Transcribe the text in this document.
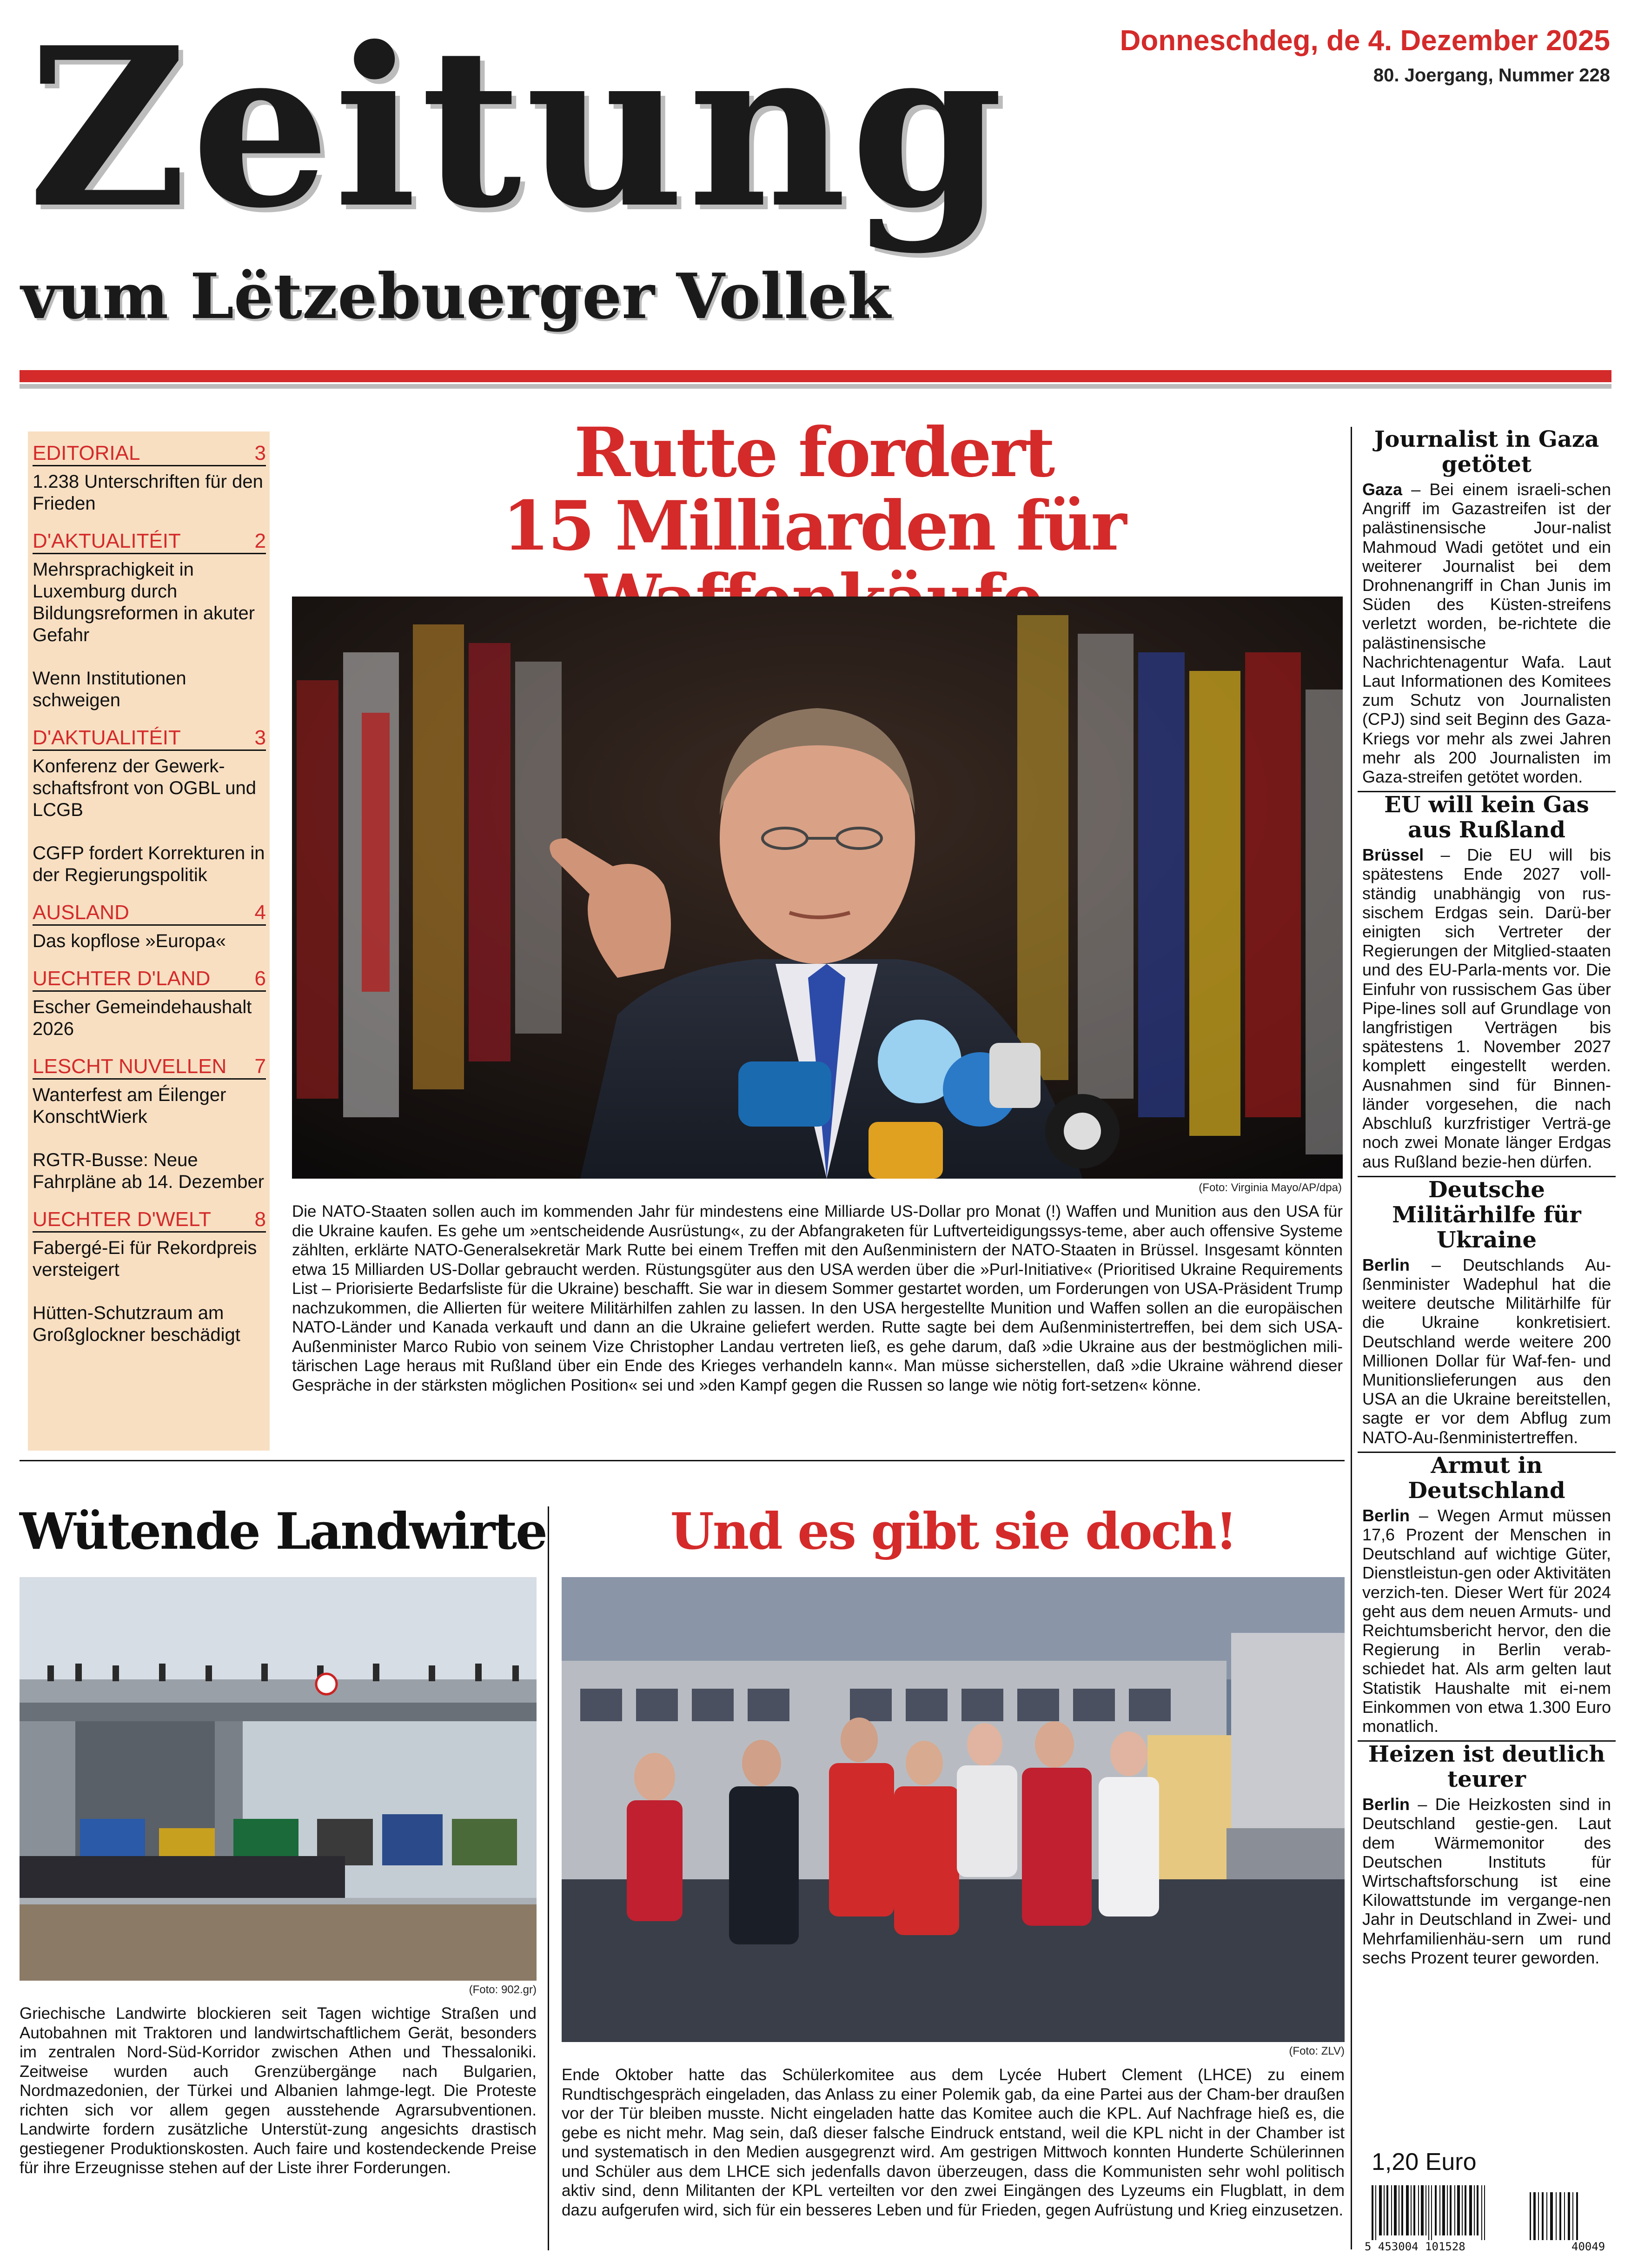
Zeitung
vum Lëtzebuerger Vollek
Donneschdeg, de 4. Dezember 2025
80. Joergang, Nummer 228
EDITORIAL	3
1.238 Unterschriften für den Frieden
D'AKTUALITÉIT	2
Mehrsprachigkeit in Luxemburg durch Bildungsreformen in akuter Gefahr
Wenn Institutionen schweigen
D'AKTUALITÉIT	3
Konferenz der Gewerk-schaftsfront von OGBL und LCGB
CGFP fordert Korrekturen in der Regierungspolitik
AUSLAND	4
Das kopflose »Europa«
UECHTER D'LAND 6
Escher Gemeindehaushalt 2026
LESCHT NUVELLEN 7
Wanterfest am Éilenger KonschtWierk
RGTR-Busse: Neue Fahrpläne ab 14. Dezember
UECHTER D'WELT 8
Fabergé-Ei für Rekordpreis versteigert
Hütten-Schutzraum am Großglockner beschädigt
Rutte fordert
15 Milliarden für
(Foto: Virginia Mayo/AP/dpa)
Die NATO-Staaten sollen auch im kommenden Jahr für mindestens eine Milliarde US-Dollar pro Monat (!) Waffen und Munition aus den USA für die Ukraine kaufen. Es gehe um »entscheidende Ausrüstung«, zu der Abfangraketen für Luftverteidigungssys-teme, aber auch offensive Systeme zählten, erklärte NATO-Generalsekretär Mark Rutte bei einem Treffen mit den Außenministern der NATO-Staaten in Brüssel. Insgesamt könnten etwa 15 Milliarden US-Dollar gebraucht werden. Rüstungsgüter aus den USA werden über die »Purl-Initiative« (Prioritised Ukraine Requirements List – Priorisierte Bedarfsliste für die Ukraine) beschafft. Sie war in diesem Sommer gestartet worden, um Forderungen von USA-Präsident Trump nachzukommen, die Allierten für weitere Militärhilfen zahlen zu lassen. In den USA hergestellte Munition und Waffen sollen an die europäischen NATO-Länder und Kanada verkauft und dann an die Ukraine geliefert werden. Rutte sagte bei dem Außenministertreffen, bei dem sich USA-Außenminister Marco Rubio von seinem Vize Christopher Landau vertreten ließ, es gehe darum, daß »die Ukraine aus der bestmöglichen mili-tärischen Lage heraus mit Rußland über ein Ende des Krieges verhandeln kann«. Man müsse sicherstellen, daß »die Ukraine während dieser Gespräche in der stärksten möglichen Position« sei und »den Kampf gegen die Russen so lange wie nötig fort-setzen« könne.
Wütende Landwirte
(Foto: 902.gr)
Griechische Landwirte blockieren seit Tagen wichtige Straßen und Autobahnen mit Traktoren und landwirtschaftlichem Gerät, besonders im zentralen Nord-Süd-Korridor zwischen Athen und Thessaloniki. Zeitweise wurden auch Grenzübergänge nach Bulgarien, Nordmazedonien, der Türkei und Albanien lahmge-legt. Die Proteste richten sich vor allem gegen ausstehende Agrarsubventionen. Landwirte fordern zusätzliche Unterstüt-zung angesichts drastisch gestiegener Produktionskosten. Auch faire und kostendeckende Preise für ihre Erzeugnisse stehen auf der Liste ihrer Forderungen.
Und es gibt sie doch!
(Foto: ZLV)
Ende Oktober hatte das Schülerkomitee aus dem Lycée Hubert Clement (LHCE) zu einem Rundtischgespräch eingeladen, das Anlass zu einer Polemik gab, da eine Partei aus der Cham-ber draußen vor der Tür bleiben musste. Nicht eingeladen hatte das Komitee auch die KPL. Auf Nachfrage hieß es, die gebe es nicht mehr. Mag sein, daß dieser falsche Eindruck entstand, weil die KPL nicht in der Chamber ist und systematisch in den Medien ausgegrenzt wird. Am gestrigen Mittwoch konnten Hunderte Schülerinnen und Schüler aus dem LHCE sich jedenfalls davon überzeugen, dass die Kommunisten sehr wohl politisch aktiv sind, denn Militanten der KPL verteilten vor den zwei Eingängen des Lyzeums ein Flugblatt, in dem dazu aufgerufen wird, sich für ein besseres Leben und für Frieden, gegen Aufrüstung und Krieg einzusetzen.
Journalist in Gaza getötet
Gaza – Bei einem israeli-schen Angriff im Gazastreifen ist der palästinensische Jour-nalist Mahmoud Wadi getötet und ein weiterer Journalist bei dem Drohnenangriff in Chan Junis im Süden des Küsten-streifens verletzt worden, be-richtete die palästinensische Nachrichtenagentur Wafa. Laut Laut Informationen des Komitees zum Schutz von Journalisten (CPJ) sind seit Beginn des Gaza-Kriegs vor mehr als zwei Jahren mehr als 200 Journalisten im Gaza-streifen getötet worden.
EU will kein Gas aus Rußland
Brüssel – Die EU will bis spätestens Ende 2027 voll-ständig unabhängig von rus-sischem Erdgas sein. Darü-ber einigten sich Vertreter der Regierungen der Mitglied-staaten und des EU-Parla-ments vor. Die Einfuhr von russischem Gas über Pipe-lines soll auf Grundlage von langfristigen Verträgen bis spätestens 1. November 2027 komplett eingestellt werden. Ausnahmen sind für Binnen-länder vorgesehen, die nach Abschluß kurzfristiger Verträ-ge noch zwei Monate länger Erdgas aus Rußland bezie-hen dürfen.
Deutsche Militärhilfe für Ukraine
Berlin – Deutschlands Au-ßenminister Wadephul hat die weitere deutsche Militärhilfe für die Ukraine konkretisiert. Deutschland werde weitere 200 Millionen Dollar für Waf-fen- und Munitionslieferungen aus den USA an die Ukraine bereitstellen, sagte er vor dem Abflug zum NATO-Au-ßenministertreffen.
Armut in Deutschland
Berlin – Wegen Armut müssen 17,6 Prozent der Menschen in Deutschland auf wichtige Güter, Dienstleistun-gen oder Aktivitäten verzich-ten. Dieser Wert für 2024 geht aus dem neuen Armuts- und Reichtumsbericht hervor, den die Regierung in Berlin verab-schiedet hat. Als arm gelten laut Statistik Haushalte mit ei-nem Einkommen von etwa 1.300 Euro monatlich.
Heizen ist deutlich teurer
Berlin – Die Heizkosten sind in Deutschland gestie-gen. Laut dem Wärmemonitor des Deutschen Instituts für Wirtschaftsforschung ist eine Kilowattstunde im vergange-nen Jahr in Deutschland in Zwei- und Mehrfamilienhäu-sern um rund sechs Prozent teurer geworden.
1,20 Euro
5 453004 101528	40049
